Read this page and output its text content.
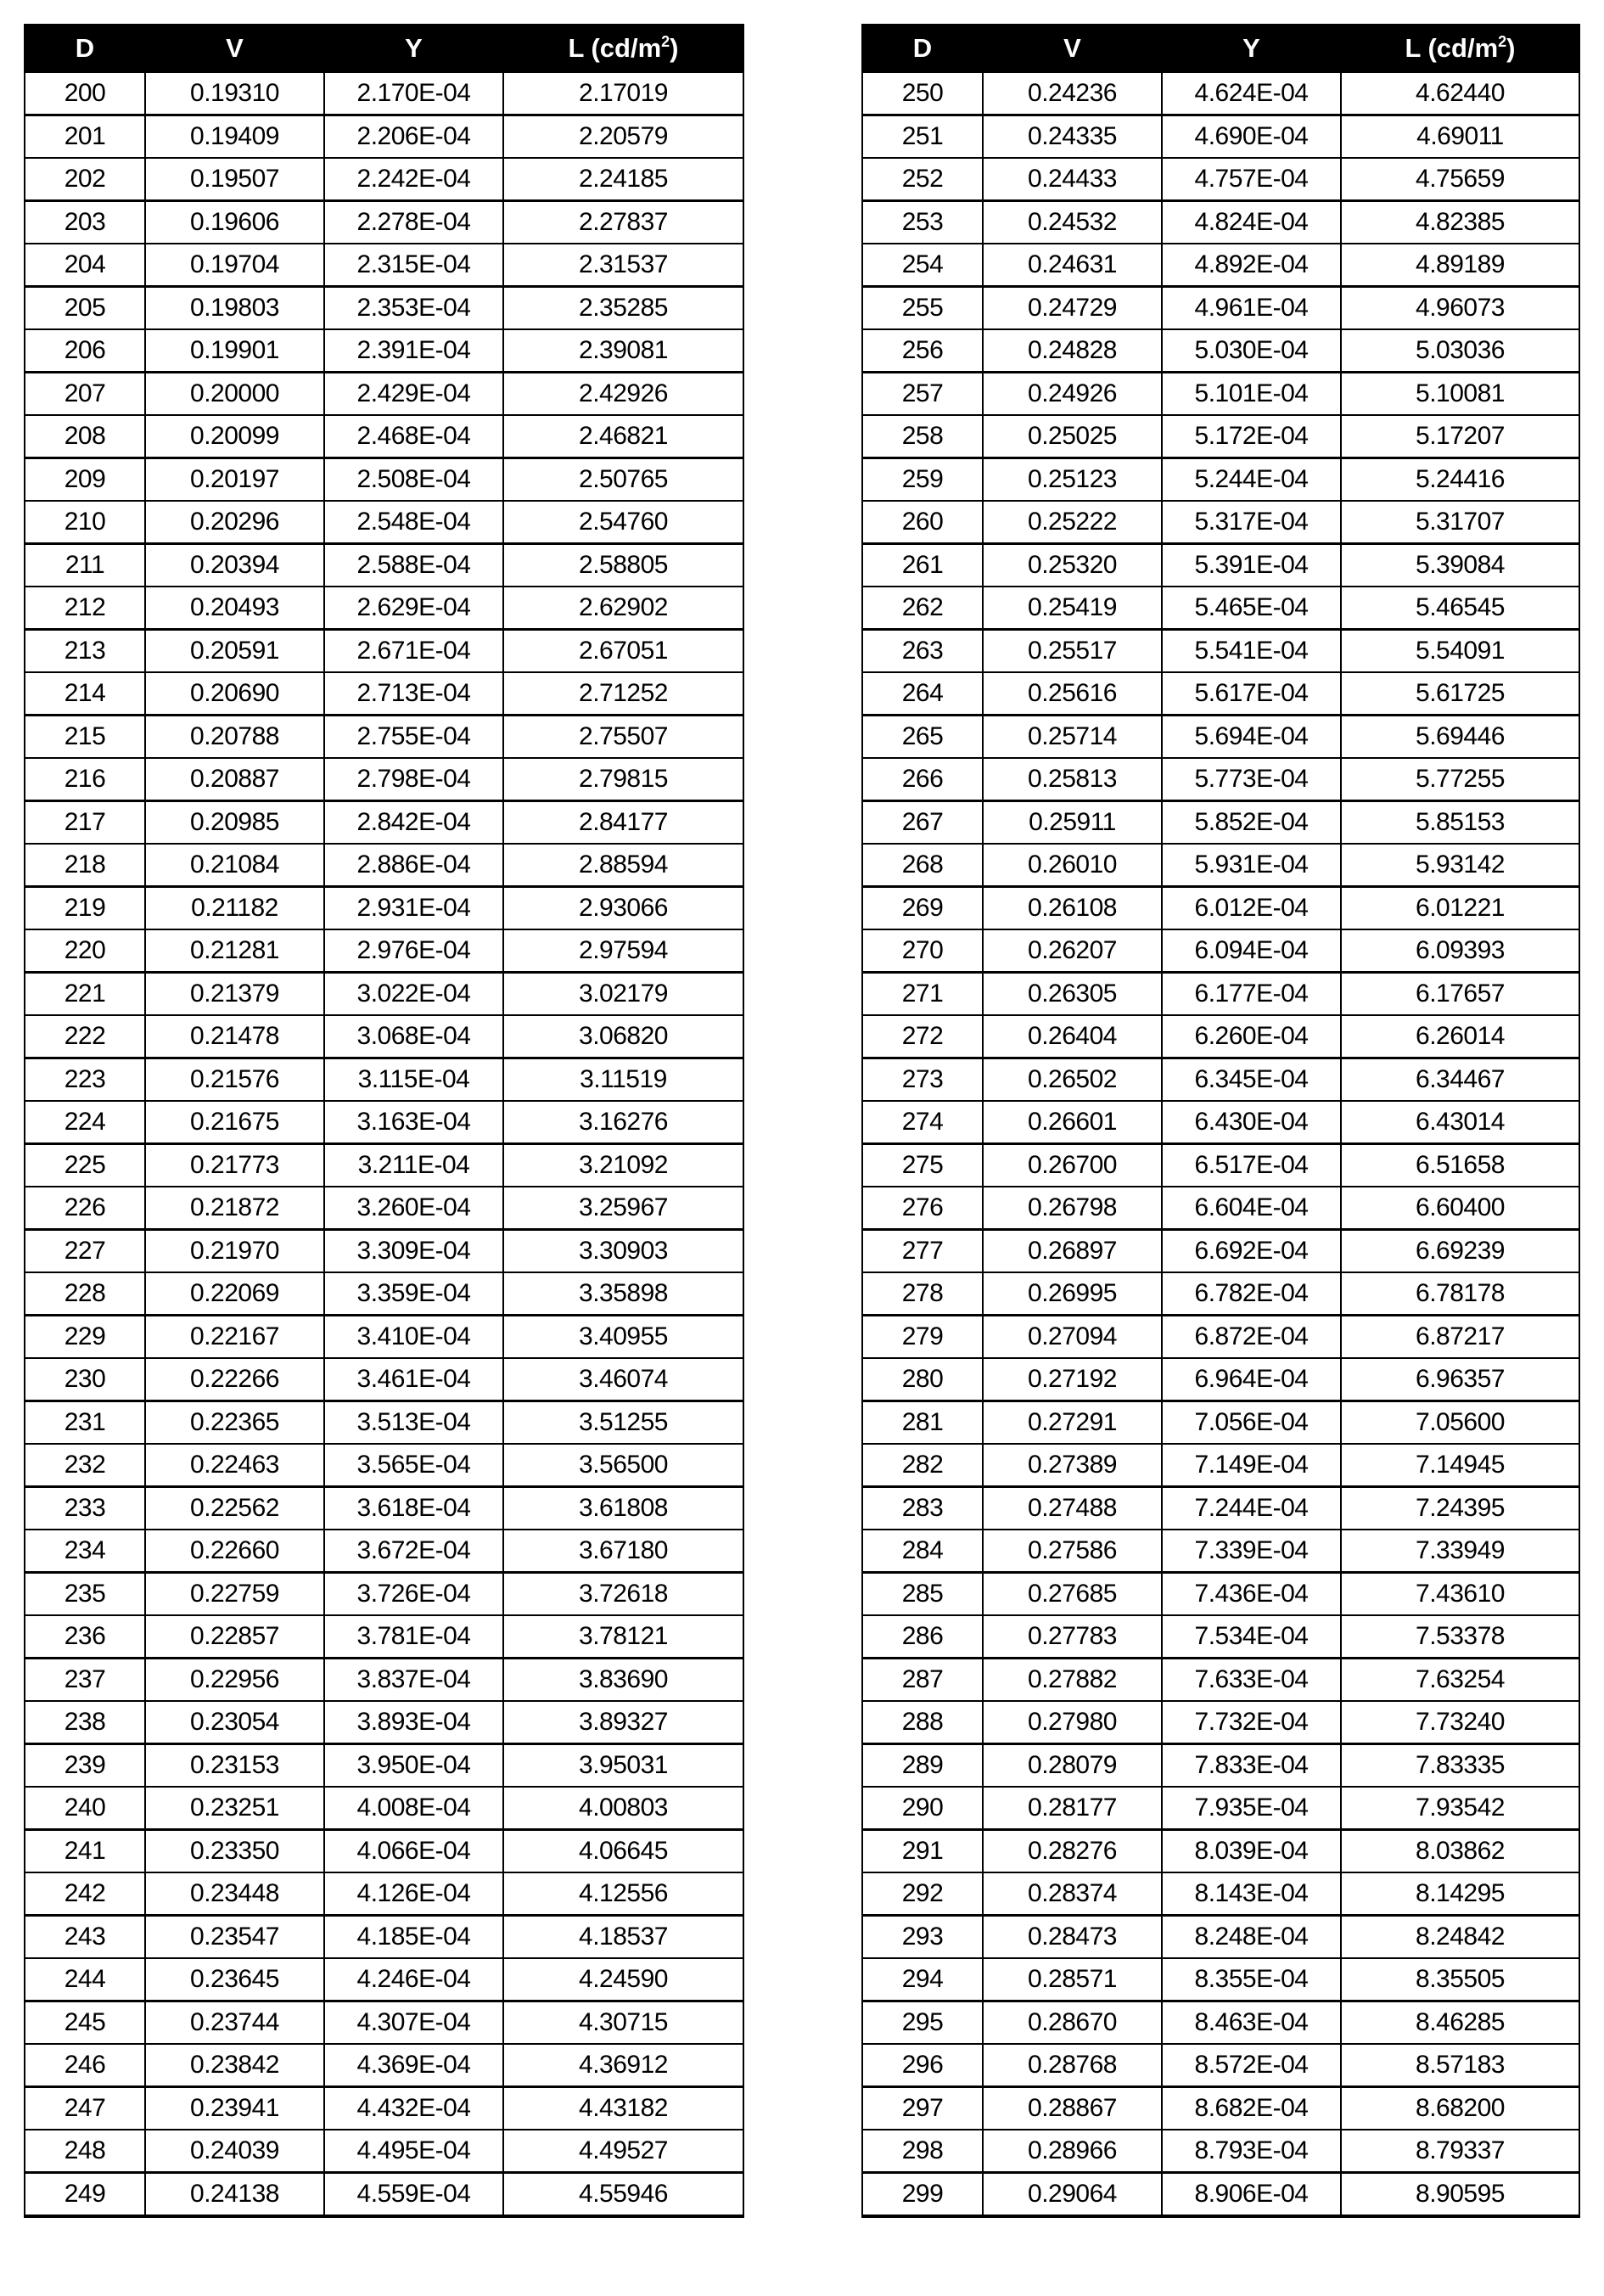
D	V	Y	L $(cd/m^2)$
200	0.19310	2.170E-04	2.17019
201	0.19409	2.206E-04	2.20579
202	0.19507	2.242E-04	2.24185
203	0.19606	2.278E-04	2.27837
204	0.19704	2.315E-04	2.31537
205	0.19803	2.353E-04	2.35285
206	0.19901	2.391E-04	2.39081
207	0.20000	2.429E-04	2.42926
208	0.20099	2.468E-04	2.46821
209	0.20197	2.508E-04	2.50765
210	0.20296	2.548E-04	2.54760
211	0.20394	2.588E-04	2.58805
212	0.20493	2.629E-04	2.62902
213	0.20591	2.671E-04	2.67051
214	0.20690	2.713E-04	2.71252
215	0.20788	2.755E-04	2.75507
216	0.20887	2.798E-04	2.79815
217	0.20985	2.842E-04	2.84177
218	0.21084	2.886E-04	2.88594
219	0.21182	2.931E-04	2.93066
220	0.21281	2.976E-04	2.97594
221	0.21379	3.022E-04	3.02179
222	0.21478	3.068E-04	3.06820
223	0.21576	3.115E-04	3.11519
224	0.21675	3.163E-04	3.16276
225	0.21773	3.211E-04	3.21092
226	0.21872	3.260E-04	3.25967
227	0.21970	3.309E-04	3.30903
228	0.22069	3.359E-04	3.35898
229	0.22167	3.410E-04	3.40955
230	0.22266	3.461E-04	3.46074
231	0.22365	3.513E-04	3.51255
232	0.22463	3.565E-04	3.56500
233	0.22562	3.618E-04	3.61808
234	0.22660	3.672E-04	3.67180
235	0.22759	3.726E-04	3.72618
236	0.22857	3.781E-04	3.78121
237	0.22956	3.837E-04	3.83690
238	0.23054	3.893E-04	3.89327
239	0.23153	3.950E-04	3.95031
240	0.23251	4.008E-04	4.00803
241	0.23350	4.066E-04	4.06645
242	0.23448	4.126E-04	4.12556
243	0.23547	4.185E-04	4.18537
244	0.23645	4.246E-04	4.24590
245	0.23744	4.307E-04	4.30715
246	0.23842	4.369E-04	4.36912
247	0.23941	4.432E-04	4.43182
248	0.24039	4.495E-04	4.49527
249	0.24138	4.559E-04	4.55946
D	V	Y	L $(cd/m^2)$
250	0.24236	4.624E-04	4.62440
251	0.24335	4.690E-04	4.69011
252	0.24433	4.757E-04	4.75659
253	0.24532	4.824E-04	4.82385
254	0.24631	4.892E-04	4.89189
255	0.24729	4.961E-04	4.96073
256	0.24828	5.030E-04	5.03036
257	0.24926	5.101E-04	5.10081
258	0.25025	5.172E-04	5.17207
259	0.25123	5.244E-04	5.24416
260	0.25222	5.317E-04	5.31707
261	0.25320	5.391E-04	5.39084
262	0.25419	5.465E-04	5.46545
263	0.25517	5.541E-04	5.54091
264	0.25616	5.617E-04	5.61725
265	0.25714	5.694E-04	5.69446
266	0.25813	5.773E-04	5.77255
267	0.25911	5.852E-04	5.85153
268	0.26010	5.931E-04	5.93142
269	0.26108	6.012E-04	6.01221
270	0.26207	6.094E-04	6.09393
271	0.26305	6.177E-04	6.17657
272	0.26404	6.260E-04	6.26014
273	0.26502	6.345E-04	6.34467
274	0.26601	6.430E-04	6.43014
275	0.26700	6.517E-04	6.51658
276	0.26798	6.604E-04	6.60400
277	0.26897	6.692E-04	6.69239
278	0.26995	6.782E-04	6.78178
279	0.27094	6.872E-04	6.87217
280	0.27192	6.964E-04	6.96357
281	0.27291	7.056E-04	7.05600
282	0.27389	7.149E-04	7.14945
283	0.27488	7.244E-04	7.24395
284	0.27586	7.339E-04	7.33949
285	0.27685	7.436E-04	7.43610
286	0.27783	7.534E-04	7.53378
287	0.27882	7.633E-04	7.63254
288	0.27980	7.732E-04	7.73240
289	0.28079	7.833E-04	7.83335
290	0.28177	7.935E-04	7.93542
291	0.28276	8.039E-04	8.03862
292	0.28374	8.143E-04	8.14295
293	0.28473	8.248E-04	8.24842
294	0.28571	8.355E-04	8.35505
295	0.28670	8.463E-04	8.46285
296	0.28768	8.572E-04	8.57183
297	0.28867	8.682E-04	8.68200
298	0.28966	8.793E-04	8.79337
299	0.29064	8.906E-04	8.90595
